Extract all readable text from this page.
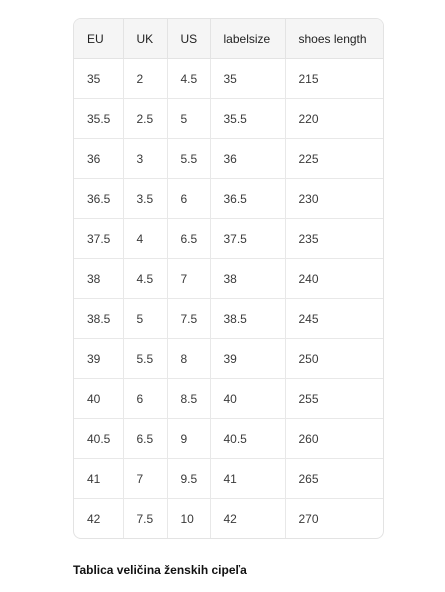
EU	UK	US	labelsize	shoes length
35	2	4.5	35	215
35.5	2.5	5	35.5	220
36	3	5.5	36	225
36.5	3.5	6	36.5	230
37.5	4	6.5	37.5	235
38	4.5	7	38	240
38.5	5	7.5	38.5	245
39	5.5	8	39	250
40	6	8.5	40	255
40.5	6.5	9	40.5	260
41	7	9.5	41	265
42	7.5	10	42	270
Tablica veličina ženskih cipeľa
